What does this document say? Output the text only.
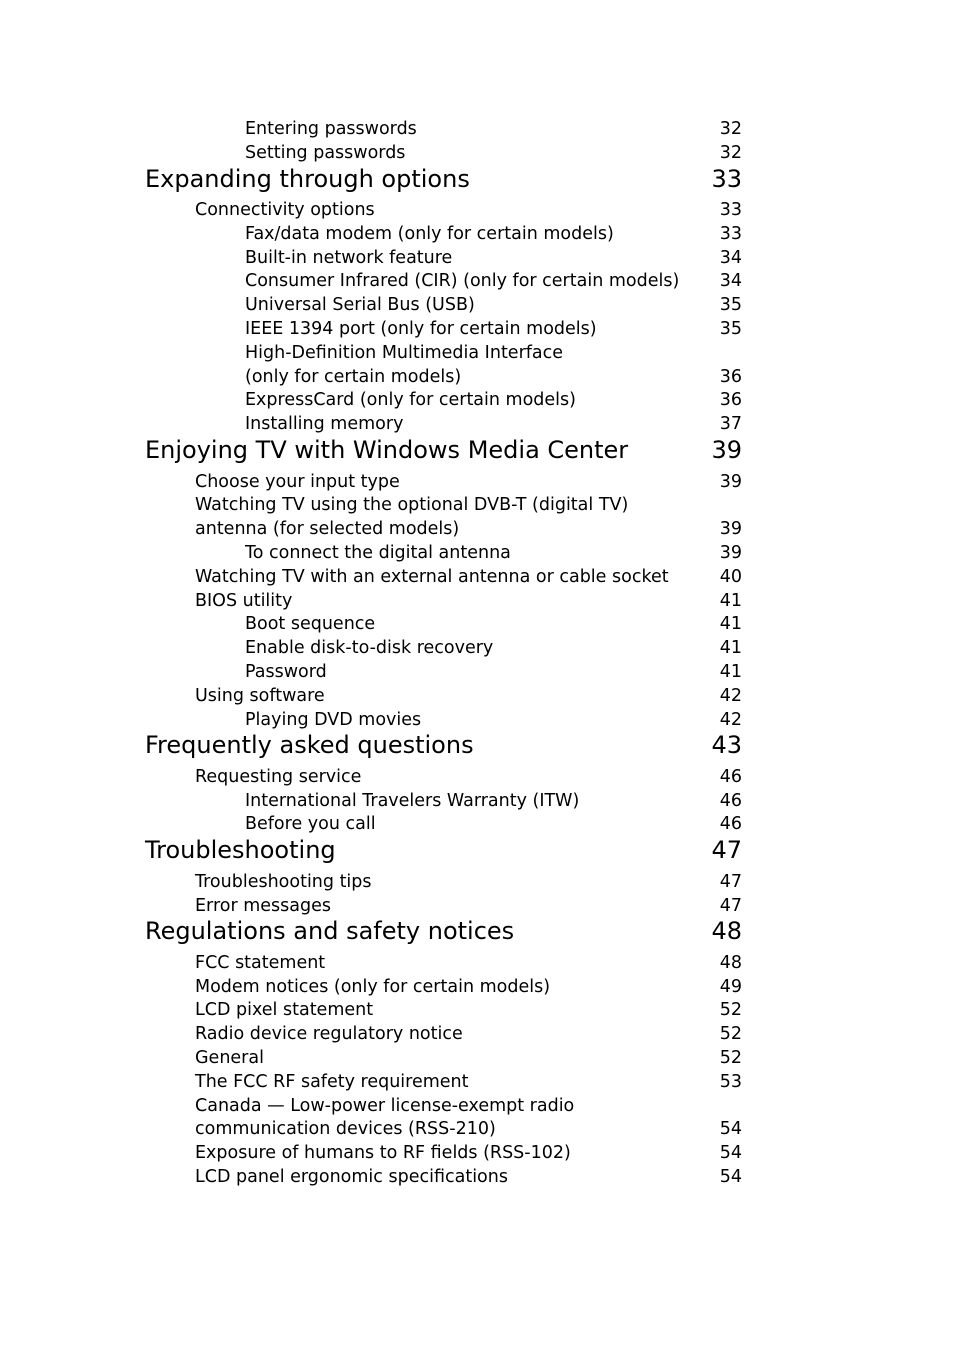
Entering passwords	32
Setting passwords	32
Expanding through options	33
Connectivity options	33
Fax/data modem (only for certain models)	33
Built-in network feature	34
Consumer Infrared (CIR) (only for certain models) 34
Universal Serial Bus (USB)	35
IEEE 1394 port (only for certain models)	35
High-Definition Multimedia Interface
(only for certain models)	36
ExpressCard (only for certain models)	36
Installing memory	37
Enjoying TV with Windows Media Center	39
Choose your input type	39
Watching TV using the optional DVB-T (digital TV)
antenna (for selected models)	39
To connect the digital antenna	39
Watching TV with an external antenna or cable socket	40
BIOS utility	41
Boot sequence	41
Enable disk-to-disk recovery	41
Password	41
Using software	42
Playing DVD movies	42
Frequently asked questions	43
Requesting service	46
International Travelers Warranty (ITW)	46
Before you call	46
Troubleshooting	47
Troubleshooting tips	47
Error messages	47
Regulations and safety notices	48
FCC statement	48
Modem notices (only for certain models)	49
LCD pixel statement	52
Radio device regulatory notice	52
General	52
The FCC RF safety requirement	53
Canada — Low-power license-exempt radio
communication devices (RSS-210)	54
Exposure of humans to RF fields (RSS-102)	54
LCD panel ergonomic specifications	54
